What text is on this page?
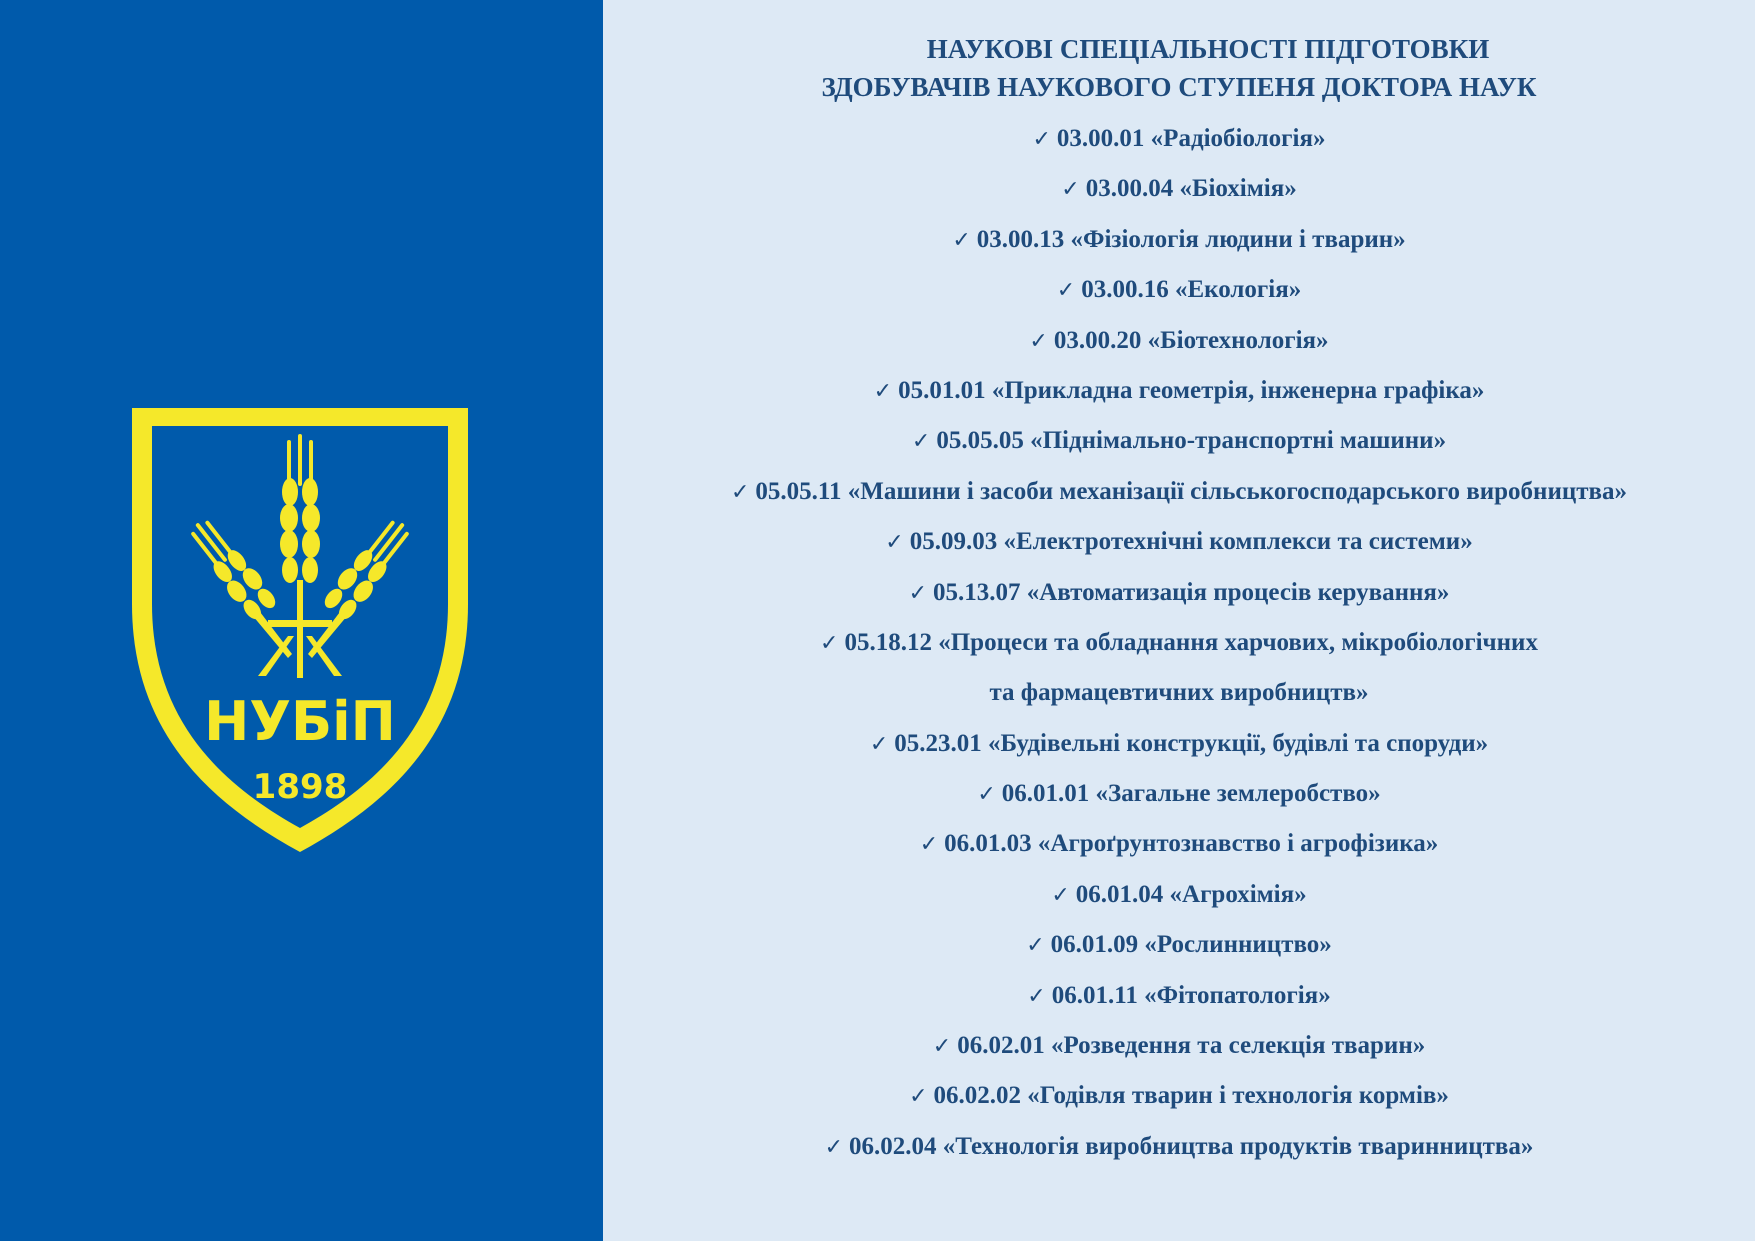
НУБіП
1898
НАУКОВІ СПЕЦІАЛЬНОСТІ ПІДГОТОВКИ
ЗДОБУВАЧІВ НАУКОВОГО СТУПЕНЯ ДОКТОРА НАУК
✓ 03.00.01 «Радіобіологія»
✓ 03.00.04 «Біохімія»
✓ 03.00.13 «Фізіологія людини і тварин»
✓ 03.00.16 «Екологія»
✓ 03.00.20 «Біотехнологія»
✓ 05.01.01 «Прикладна геометрія, інженерна графіка»
✓ 05.05.05 «Піднімально-транспортні машини»
✓ 05.05.11 «Машини і засоби механізації сільськогосподарського виробництва»
✓ 05.09.03 «Електротехнічні комплекси та системи»
✓ 05.13.07 «Автоматизація процесів керування»
✓ 05.18.12 «Процеси та обладнання харчових, мікробіологічних
та фармацевтичних виробництв»
✓ 05.23.01 «Будівельні конструкції, будівлі та споруди»
✓ 06.01.01 «Загальне землеробство»
✓ 06.01.03 «Агроґрунтознавство і агрофізика»
✓ 06.01.04 «Агрохімія»
✓ 06.01.09 «Рослинництво»
✓ 06.01.11 «Фітопатологія»
✓ 06.02.01 «Розведення та селекція тварин»
✓ 06.02.02 «Годівля тварин і технологія кормів»
✓ 06.02.04 «Технологія виробництва продуктів тваринництва»
